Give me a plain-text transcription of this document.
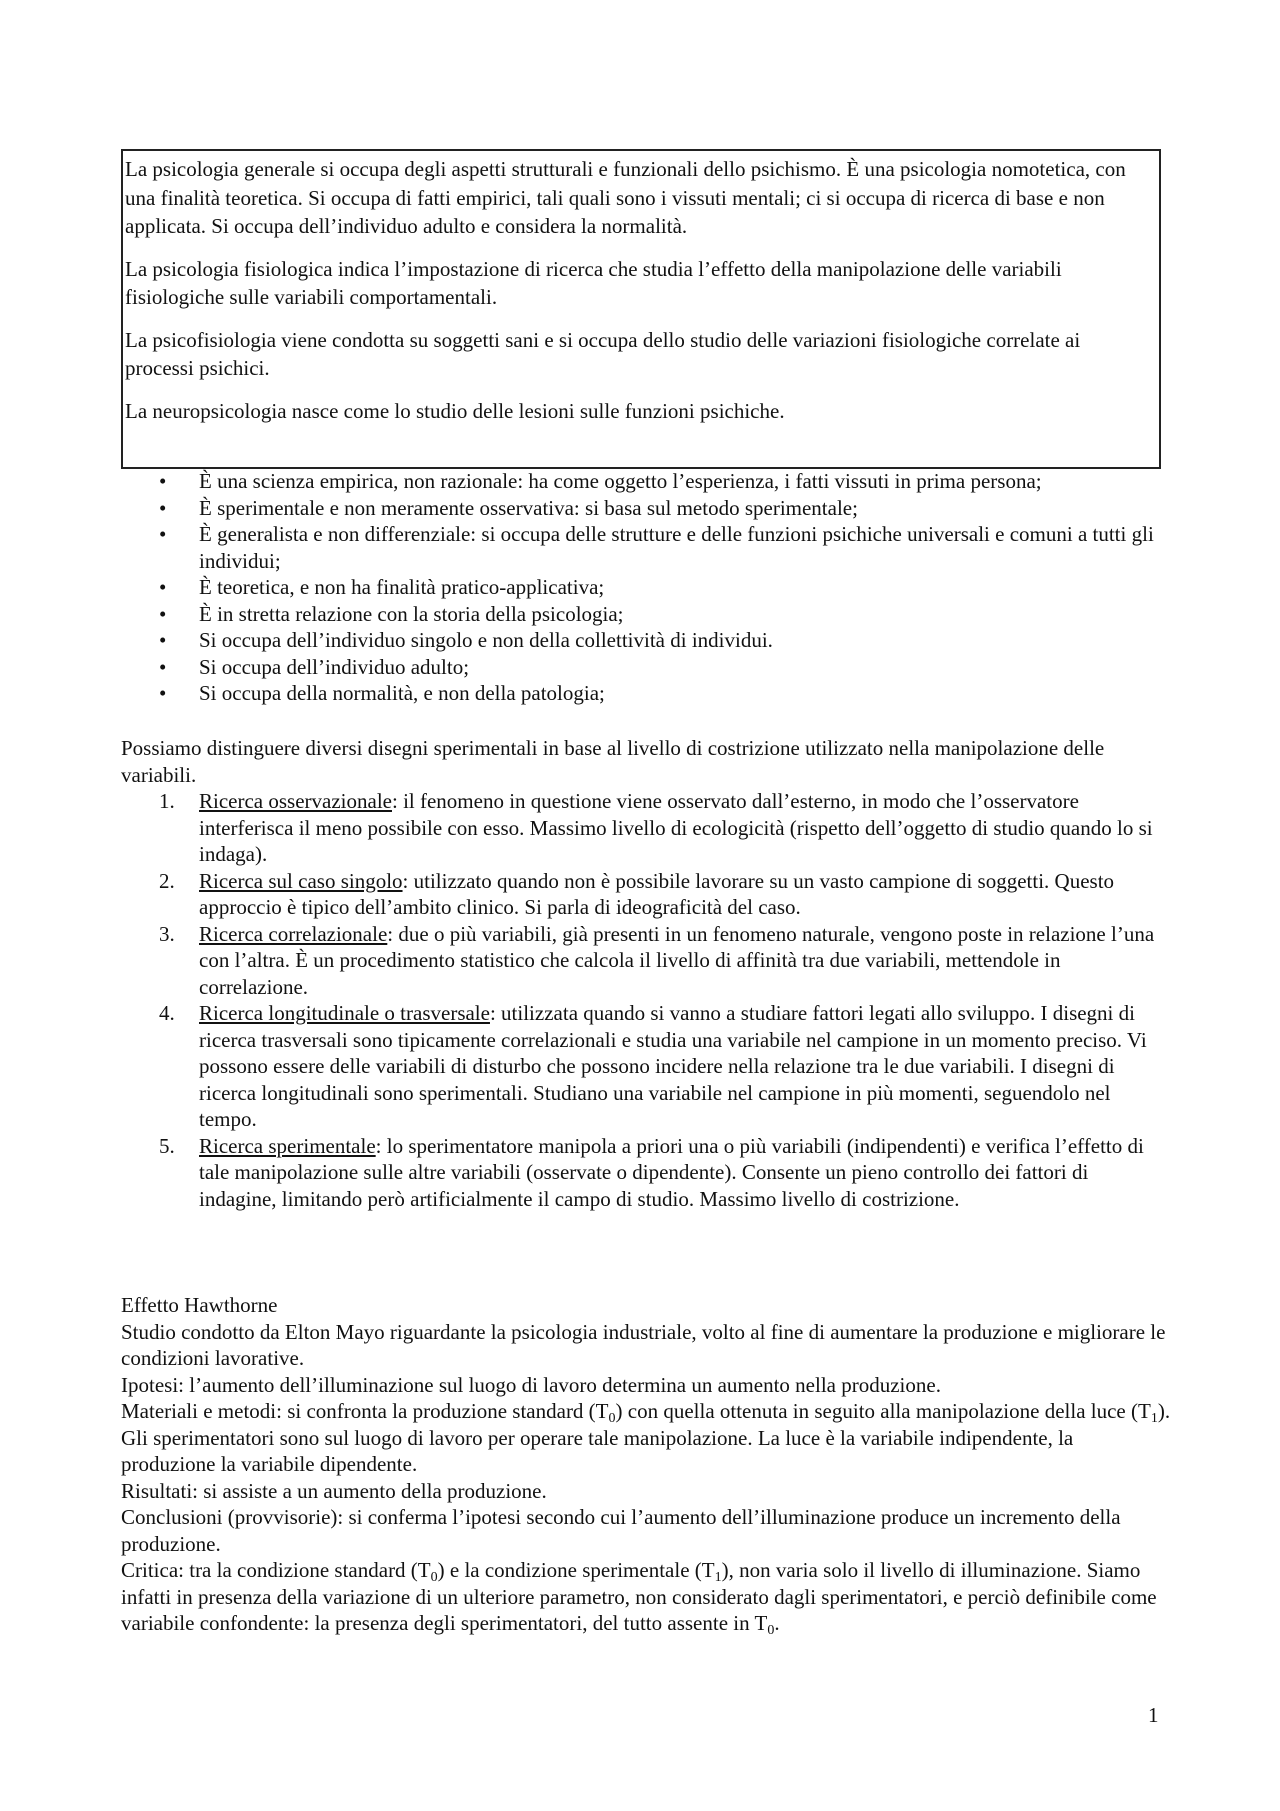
La psicologia generale si occupa degli aspetti strutturali e funzionali dello psichismo. È una psicologia nomotetica, con una finalità teoretica. Si occupa di fatti empirici, tali quali sono i vissuti mentali; ci si occupa di ricerca di base e non applicata. Si occupa dell’individuo adulto e considera la normalità.

La psicologia fisiologica indica l’impostazione di ricerca che studia l’effetto della manipolazione delle variabili fisiologiche sulle variabili comportamentali.

La psicofisiologia viene condotta su soggetti sani e si occupa dello studio delle variazioni fisiologiche correlate ai processi psichici.

La neuropsicologia nasce come lo studio delle lesioni sulle funzioni psichiche.

• È una scienza empirica, non razionale: ha come oggetto l’esperienza, i fatti vissuti in prima persona;
• È sperimentale e non meramente osservativa: si basa sul metodo sperimentale;
• È generalista e non differenziale: si occupa delle strutture e delle funzioni psichiche universali e comuni a tutti gli individui;
• È teoretica, e non ha finalità pratico-applicativa;
• È in stretta relazione con la storia della psicologia;
• Si occupa dell’individuo singolo e non della collettività di individui.
• Si occupa dell’individuo adulto;
• Si occupa della normalità, e non della patologia;

Possiamo distinguere diversi disegni sperimentali in base al livello di costrizione utilizzato nella manipolazione delle variabili.

1. Ricerca osservazionale: il fenomeno in questione viene osservato dall’esterno, in modo che l’osservatore interferisca il meno possibile con esso. Massimo livello di ecologicità (rispetto dell’oggetto di studio quando lo si indaga).
2. Ricerca sul caso singolo: utilizzato quando non è possibile lavorare su un vasto campione di soggetti. Questo approccio è tipico dell’ambito clinico. Si parla di ideograficità del caso.
3. Ricerca correlazionale: due o più variabili, già presenti in un fenomeno naturale, vengono poste in relazione l’una con l’altra. È un procedimento statistico che calcola il livello di affinità tra due variabili, mettendole in correlazione.
4. Ricerca longitudinale o trasversale: utilizzata quando si vanno a studiare fattori legati allo sviluppo. I disegni di ricerca trasversali sono tipicamente correlazionali e studia una variabile nel campione in un momento preciso. Vi possono essere delle variabili di disturbo che possono incidere nella relazione tra le due variabili. I disegni di ricerca longitudinali sono sperimentali. Studiano una variabile nel campione in più momenti, seguendolo nel tempo.
5. Ricerca sperimentale: lo sperimentatore manipola a priori una o più variabili (indipendenti) e verifica l’effetto di tale manipolazione sulle altre variabili (osservate o dipendente). Consente un pieno controllo dei fattori di indagine, limitando però artificialmente il campo di studio. Massimo livello di costrizione.
Effetto Hawthorne
Studio condotto da Elton Mayo riguardante la psicologia industriale, volto al fine di aumentare la produzione e migliorare le condizioni lavorative.
Ipotesi: l’aumento dell’illuminazione sul luogo di lavoro determina un aumento nella produzione.
Materiali e metodi: si confronta la produzione standard $(T_0)$ con quella ottenuta in seguito alla manipolazione della luce $(T_1)$. Gli sperimentatori sono sul luogo di lavoro per operare tale manipolazione. La luce è la variabile indipendente, la produzione la variabile dipendente.
Risultati: si assiste a un aumento della produzione.
Conclusioni (provvisorie): si conferma l’ipotesi secondo cui l’aumento dell’illuminazione produce un incremento della produzione.
Critica: tra la condizione standard $(T_0)$ e la condizione sperimentale $(T_1)$, non varia solo il livello di illuminazione. Siamo infatti in presenza della variazione di un ulteriore parametro, non considerato dagli sperimentatori, e perciò definibile come variabile confondente: la presenza degli sperimentatori, del tutto assente in $T_0$.
1
